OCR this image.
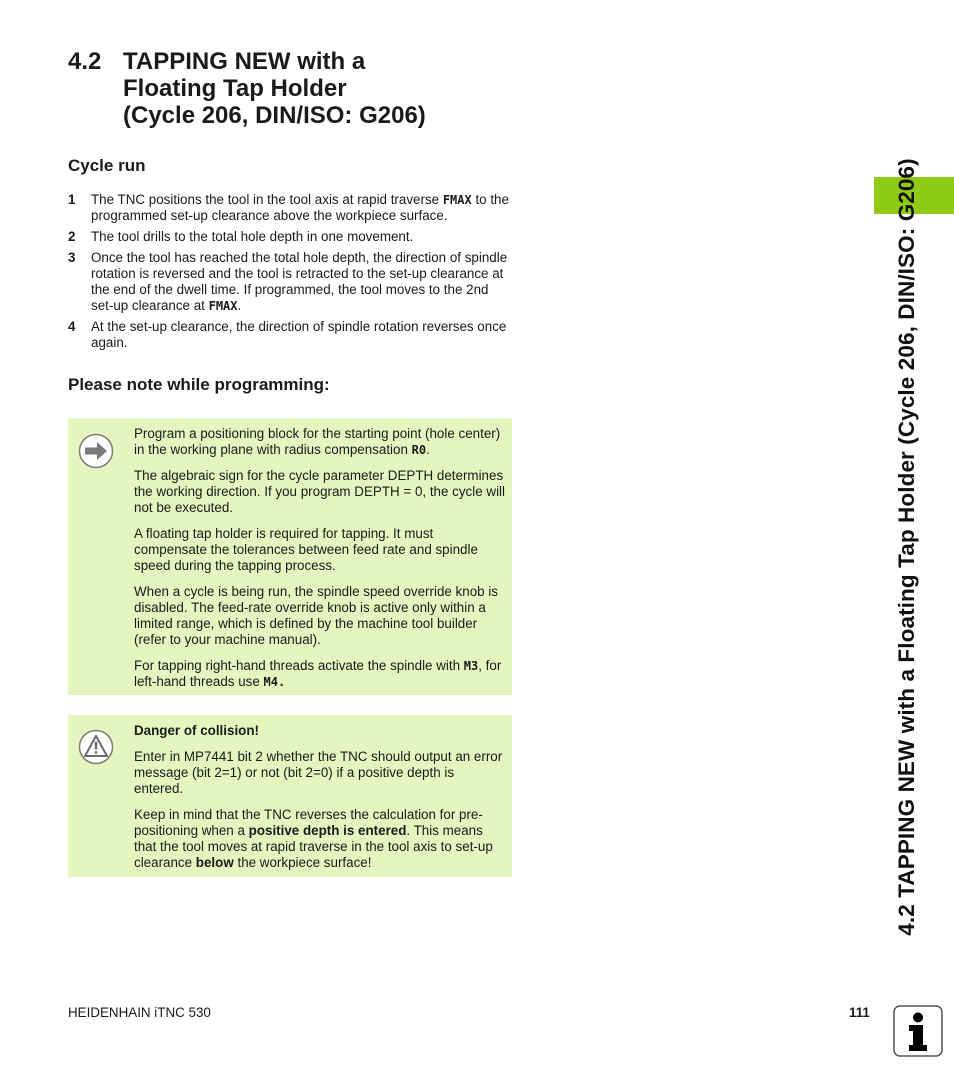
4.2 TAPPING NEW with a
Floating Tap Holder
(Cycle 206, DIN/ISO: G206)
Cycle run
1 The TNC positions the tool in the tool axis at rapid traverse FMAX to the programmed set-up clearance above the workpiece surface.
2 The tool drills to the total hole depth in one movement.
3 Once the tool has reached the total hole depth, the direction of spindle rotation is reversed and the tool is retracted to the set-up clearance at the end of the dwell time. If programmed, the tool moves to the 2nd set-up clearance at FMAX.
4 At the set-up clearance, the direction of spindle rotation reverses once again.
Please note while programming:

Program a positioning block for the starting point (hole center) in the working plane with radius compensation R0.

The algebraic sign for the cycle parameter DEPTH determines the working direction. If you program DEPTH = 0, the cycle will not be executed.

A floating tap holder is required for tapping. It must compensate the tolerances between feed rate and spindle speed during the tapping process.

When a cycle is being run, the spindle speed override knob is disabled. The feed-rate override knob is active only within a limited range, which is defined by the machine tool builder (refer to your machine manual).

For tapping right-hand threads activate the spindle with M3, for left-hand threads use M4.

Danger of collision!

Enter in MP7441 bit 2 whether the TNC should output an error message (bit 2=1) or not (bit 2=0) if a positive depth is entered.

Keep in mind that the TNC reverses the calculation for pre-positioning when a positive depth is entered. This means that the tool moves at rapid traverse in the tool axis to set-up clearance below the workpiece surface!	4.2 TAPPING NEW with a Floating Tap Holder (Cycle 206, DIN/ISO: G206)
HEIDENHAIN iTNC 530	111
